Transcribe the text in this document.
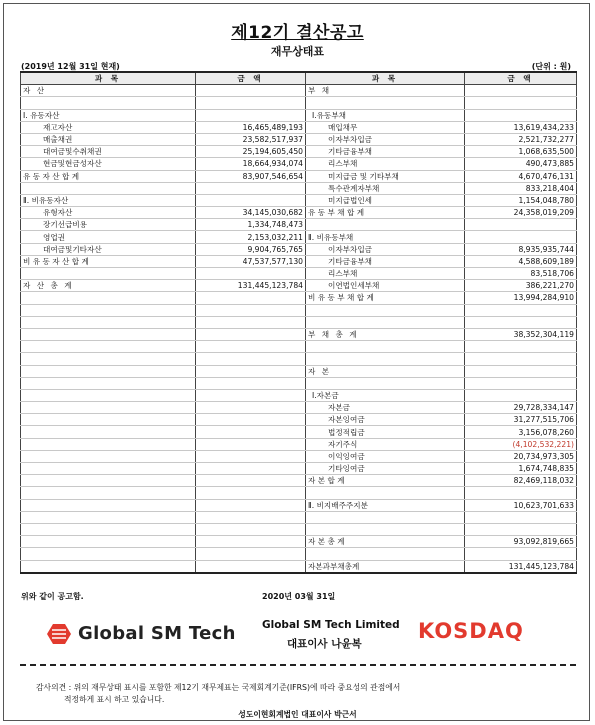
제12기 결산공고
재무상태표
(2019년 12월 31일 현재)	(단위 : 원)
과 목	금 액	과 목	금 액
자 산		부 채	

Ⅰ. 유동자산		Ⅰ.유동부채	
재고자산	16,465,489,193	매입채무	13,619,434,233
매출채권	23,582,517,937	이자부차입금	2,521,732,277
대여금및수취채권	25,194,605,450	기타금융부채	1,068,635,500
현금및현금성자산	18,664,934,074	리스부채	490,473,885
유 동 자 산 합 계	83,907,546,654	미지급금 및 기타부채	4,670,476,131
		특수관계자부채	833,218,404
Ⅱ. 비유동자산		미지급법인세	1,154,048,780
유형자산	34,145,030,682	유 동 부 채 합 계	24,358,019,209
장기선급비용	1,334,748,473		
영업권	2,153,032,211	Ⅱ. 비유동부채	
대여금및기타자산	9,904,765,765	이자부차입금	8,935,935,744
비 유 동 자 산 합 계	47,537,577,130	기타금융부채	4,588,609,189
		리스부채	83,518,706
자 산 총 계	131,445,123,784	이연법인세부채	386,221,270
		비 유 동 부 채 합 계	13,994,284,910

		부 채 총 계	38,352,304,119

		자 본	

		Ⅰ.자본금	
		자본금	29,728,334,147
		자본잉여금	31,277,515,706
		법정적립금	3,156,078,260
		자기주식	(4,102,532,221)
		이익잉여금	20,734,973,305
		기타잉여금	1,674,748,835
		자 본 합 계	82,469,118,032

		Ⅱ. 비지배주주지분	10,623,701,633

		자 본 총 계	93,092,819,665

		자본과부채총계	131,445,123,784
위와 같이 공고함.	2020년 03월 31일
Global SM Tech	Global SM Tech Limited
대표이사 나윤복
KOSDAQ
감사의견 : 위의 재무상태 표시를 포함한 제12기 재무제표는 국제회계기준(IFRS)에 따라 중요성의 관점에서
적정하게 표시 하고 있습니다.
성도이현회계법인 대표이사 박근서
